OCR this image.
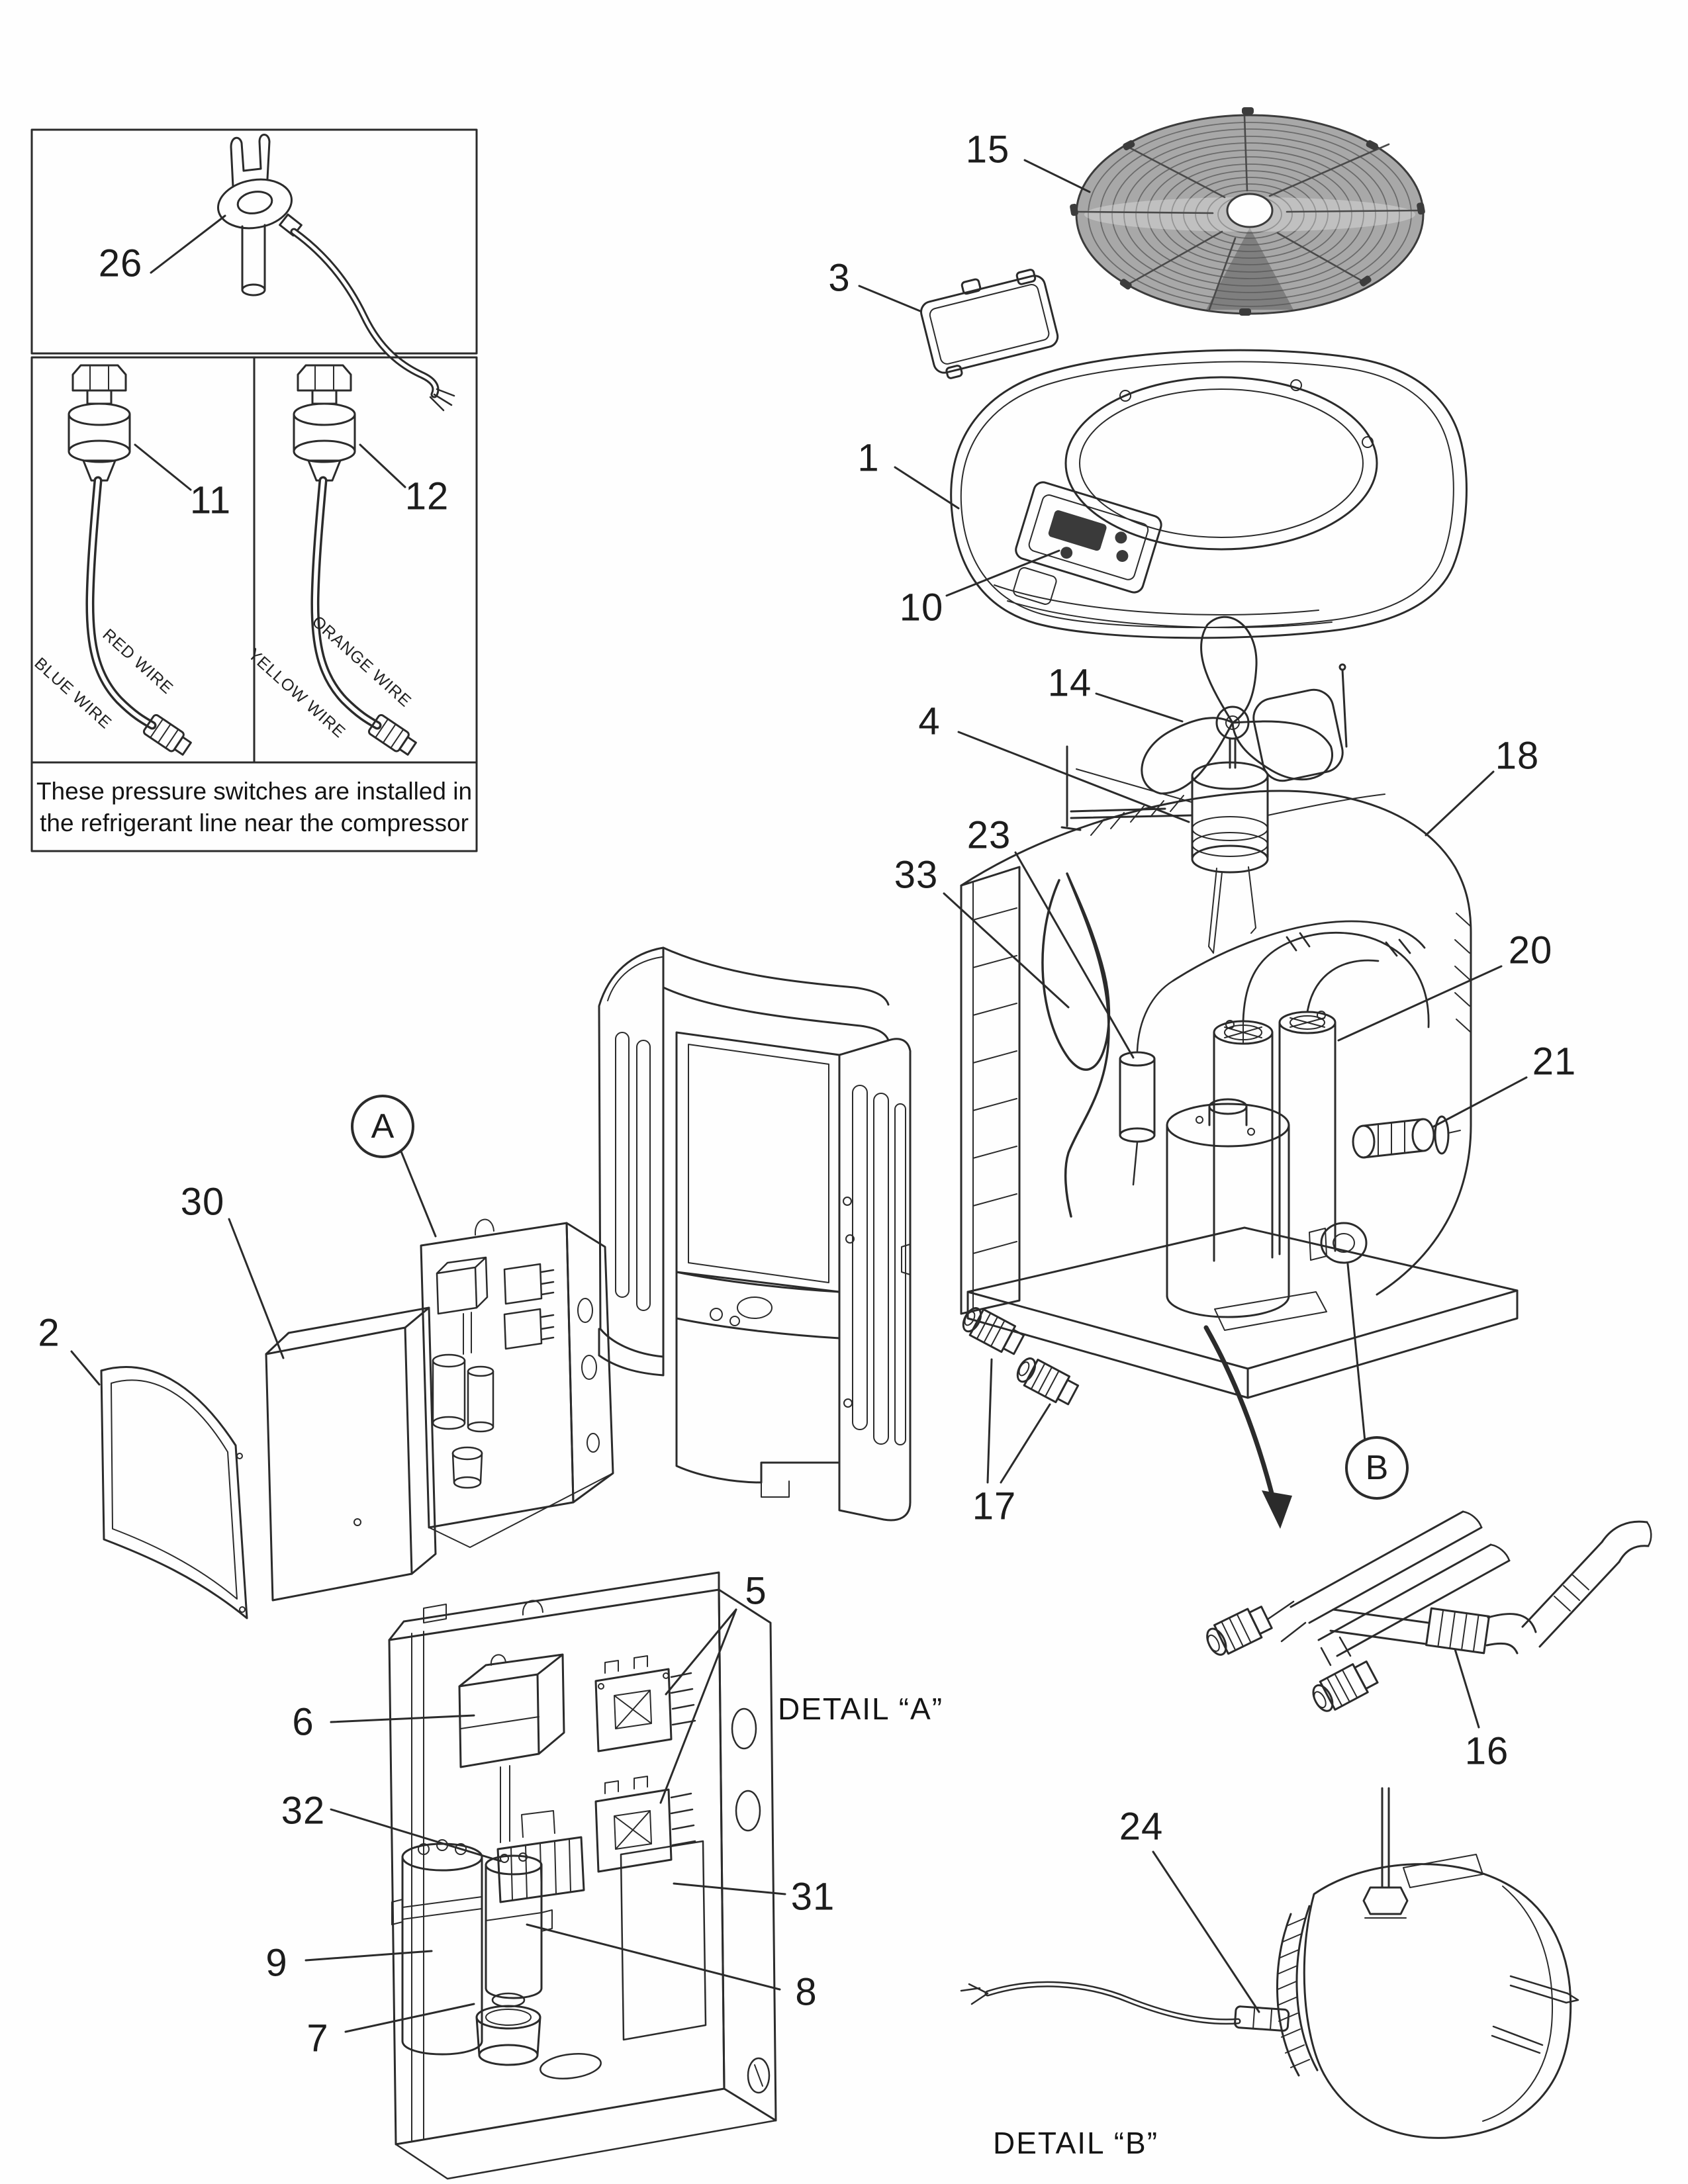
26
11	12
15
3
1
10
14
4
18
23
33
20
21
30
2
17
16
5
6
32
9
7
8
31
24
A
B
DETAIL “A”
DETAIL “B”
BLUE WIRE
RED WIRE	YELLOW WIRE
ORANGE WIRE
These pressure switches are installed in
the refrigerant line near the compressor
